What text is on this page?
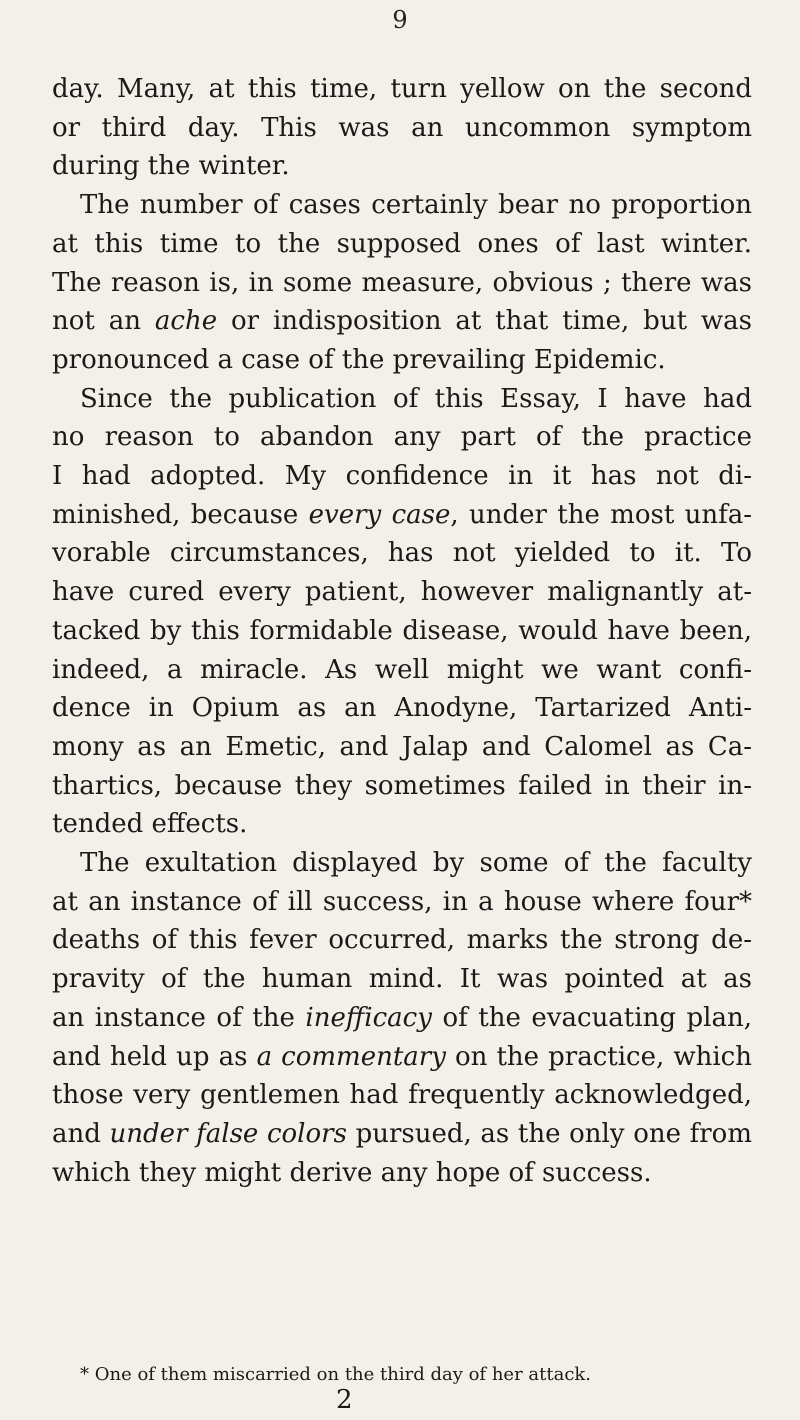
9
day. Many, at this time, turn yellow on the second
or third day. This was an uncommon symptom
during the winter.
The number of cases certainly bear no proportion
at this time to the supposed ones of last winter.
The reason is, in some measure, obvious ; there was
not an ache or indisposition at that time, but was
pronounced a case of the prevailing Epidemic.
Since the publication of this Essay, I have had
no reason to abandon any part of the practice
I had adopted. My confidence in it has not di-
minished, because every case, under the most unfa-
vorable circumstances, has not yielded to it. To
have cured every patient, however malignantly at-
tacked by this formidable disease, would have been,
indeed, a miracle. As well might we want confi-
dence in Opium as an Anodyne, Tartarized Anti-
mony as an Emetic, and Jalap and Calomel as Ca-
thartics, because they sometimes failed in their in-
tended effects.
The exultation displayed by some of the faculty
at an instance of ill success, in a house where four*
deaths of this fever occurred, marks the strong de-
pravity of the human mind. It was pointed at as
an instance of the inefficacy of the evacuating plan,
and held up as a commentary on the practice, which
those very gentlemen had frequently acknowledged,
and under false colors pursued, as the only one from
which they might derive any hope of success.
* One of them miscarried on the third day of her attack.
2
